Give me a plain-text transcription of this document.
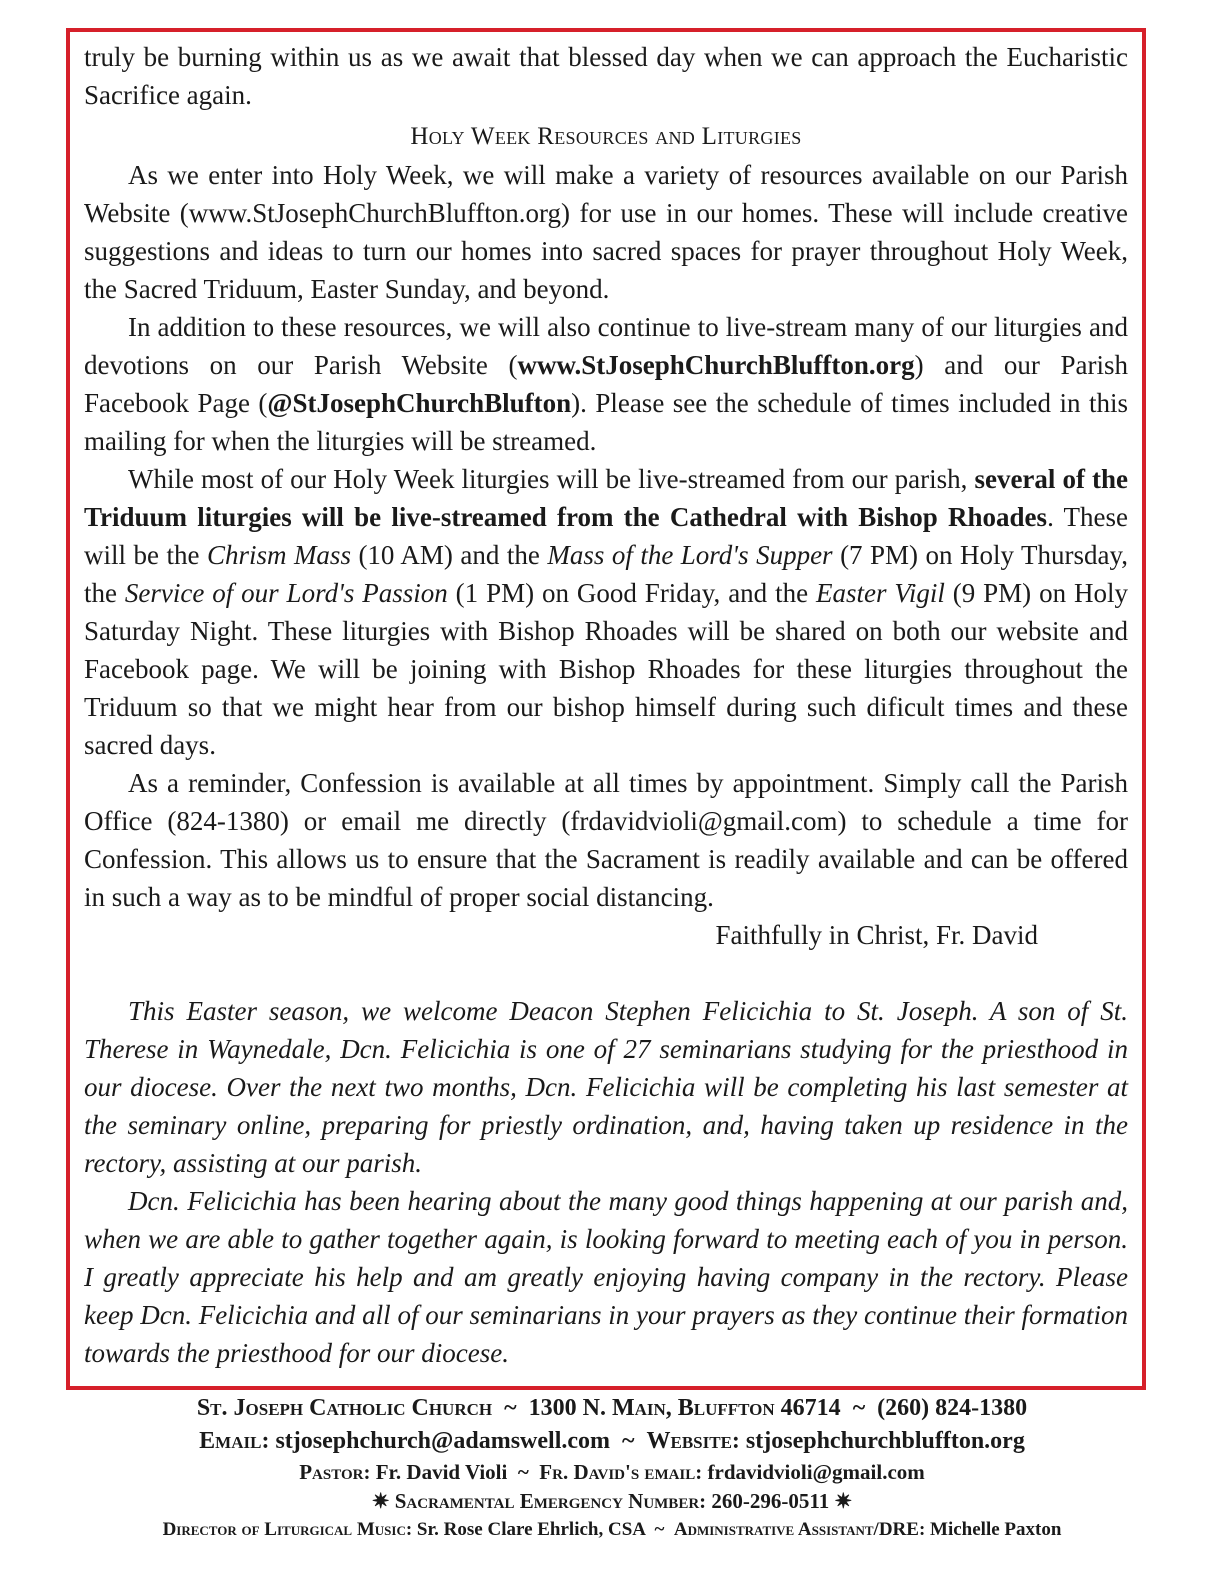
truly be burning within us as we await that blessed day when we can approach the Eucharistic Sacrifice again.

Holy Week Resources and Liturgies

As we enter into Holy Week, we will make a variety of resources available on our Parish Website (www.StJosephChurchBluffton.org) for use in our homes. These will include creative suggestions and ideas to turn our homes into sacred spaces for prayer throughout Holy Week, the Sacred Triduum, Easter Sunday, and beyond.

In addition to these resources, we will also continue to live-stream many of our liturgies and devotions on our Parish Website (www.StJosephChurchBluffton.org) and our Parish Facebook Page (@StJosephChurchBlufton). Please see the schedule of times included in this mailing for when the liturgies will be streamed.

While most of our Holy Week liturgies will be live-streamed from our parish, several of the Triduum liturgies will be live-streamed from the Cathedral with Bishop Rhoades. These will be the Chrism Mass (10 AM) and the Mass of the Lord's Supper (7 PM) on Holy Thursday, the Service of our Lord's Passion (1 PM) on Good Friday, and the Easter Vigil (9 PM) on Holy Saturday Night. These liturgies with Bishop Rhoades will be shared on both our website and Facebook page. We will be joining with Bishop Rhoades for these liturgies throughout the Triduum so that we might hear from our bishop himself during such dificult times and these sacred days.

As a reminder, Confession is available at all times by appointment. Simply call the Parish Office (824-1380) or email me directly (frdavidvioli@gmail.com) to schedule a time for Confession. This allows us to ensure that the Sacrament is readily available and can be offered in such a way as to be mindful of proper social distancing.

Faithfully in Christ, Fr. David

This Easter season, we welcome Deacon Stephen Felicichia to St. Joseph. A son of St. Therese in Waynedale, Dcn. Felicichia is one of 27 seminarians studying for the priesthood in our diocese. Over the next two months, Dcn. Felicichia will be completing his last semester at the seminary online, preparing for priestly ordination, and, having taken up residence in the rectory, assisting at our parish.

Dcn. Felicichia has been hearing about the many good things happening at our parish and, when we are able to gather together again, is looking forward to meeting each of you in person. I greatly appreciate his help and am greatly enjoying having company in the rectory. Please keep Dcn. Felicichia and all of our seminarians in your prayers as they continue their formation towards the priesthood for our diocese.

St. Joseph Catholic Church ~ 1300 N. Main, Bluffton 46714 ~ (260) 824-1380
Email: stjosephchurch@adamswell.com ~ Website: stjosephchurchbluffton.org
Pastor: Fr. David Violi ~ Fr. David's email: frdavidvioli@gmail.com
✷ Sacramental Emergency Number: 260-296-0511 ✷
Director of Liturgical Music: Sr. Rose Clare Ehrlich, CSA ~ Administrative Assistant/DRE: Michelle Paxton
